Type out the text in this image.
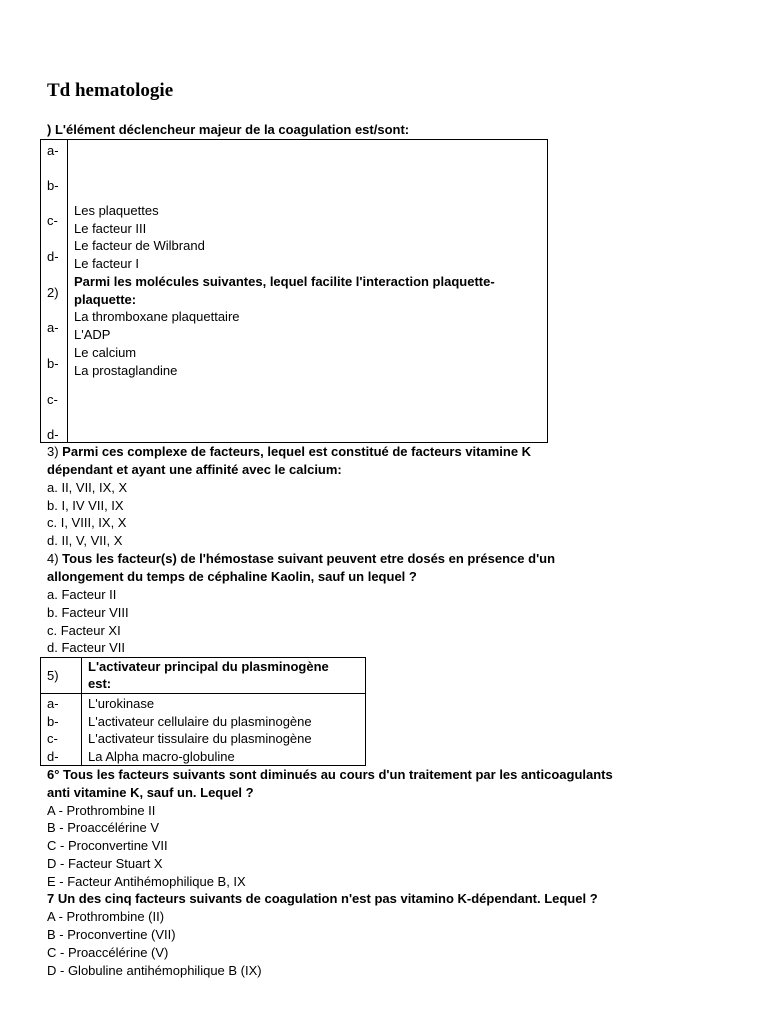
Td hematologie

) L'élément déclencheur majeur de la coagulation est/sont:

a-
b-
c-
d-
2)
a-
b-
c-
d-
Les plaquettes
Le facteur III
Le facteur de Wilbrand
Le facteur I
Parmi les molécules suivantes, lequel facilite l'interaction plaquette-
plaquette:
La thromboxane plaquettaire
L'ADP
Le calcium
La prostaglandine

3) Parmi ces complexe de facteurs, lequel est constitué de facteurs vitamine K

dépendant et ayant une affinité avec le calcium:

a. II, VII, IX, X

b. I, IV VII, IX

c. I, VIII, IX, X

d. II, V, VII, X

4) Tous les facteur(s) de l'hémostase suivant peuvent etre dosés en présence d'un

allongement du temps de céphaline Kaolin, sauf un lequel ?

a. Facteur II

b. Facteur VIII

c. Facteur XI

d. Facteur VII

5)
L'activateur principal du plasminogène
est:
a-
b-
c-
d-
L'urokinase
L'activateur cellulaire du plasminogène
L'activateur tissulaire du plasminogène
La Alpha macro-globuline

6° Tous les facteurs suivants sont diminués au cours d'un traitement par les anticoagulants

anti vitamine K, sauf un. Lequel ?

A - Prothrombine II

B - Proaccélérine V

C - Proconvertine VII

D - Facteur Stuart X

E - Facteur Antihémophilique B, IX

7 Un des cinq facteurs suivants de coagulation n'est pas vitamino K-dépendant. Lequel ?

A - Prothrombine (II)

B - Proconvertine (VII)

C - Proaccélérine (V)

D - Globuline antihémophilique B (IX)
